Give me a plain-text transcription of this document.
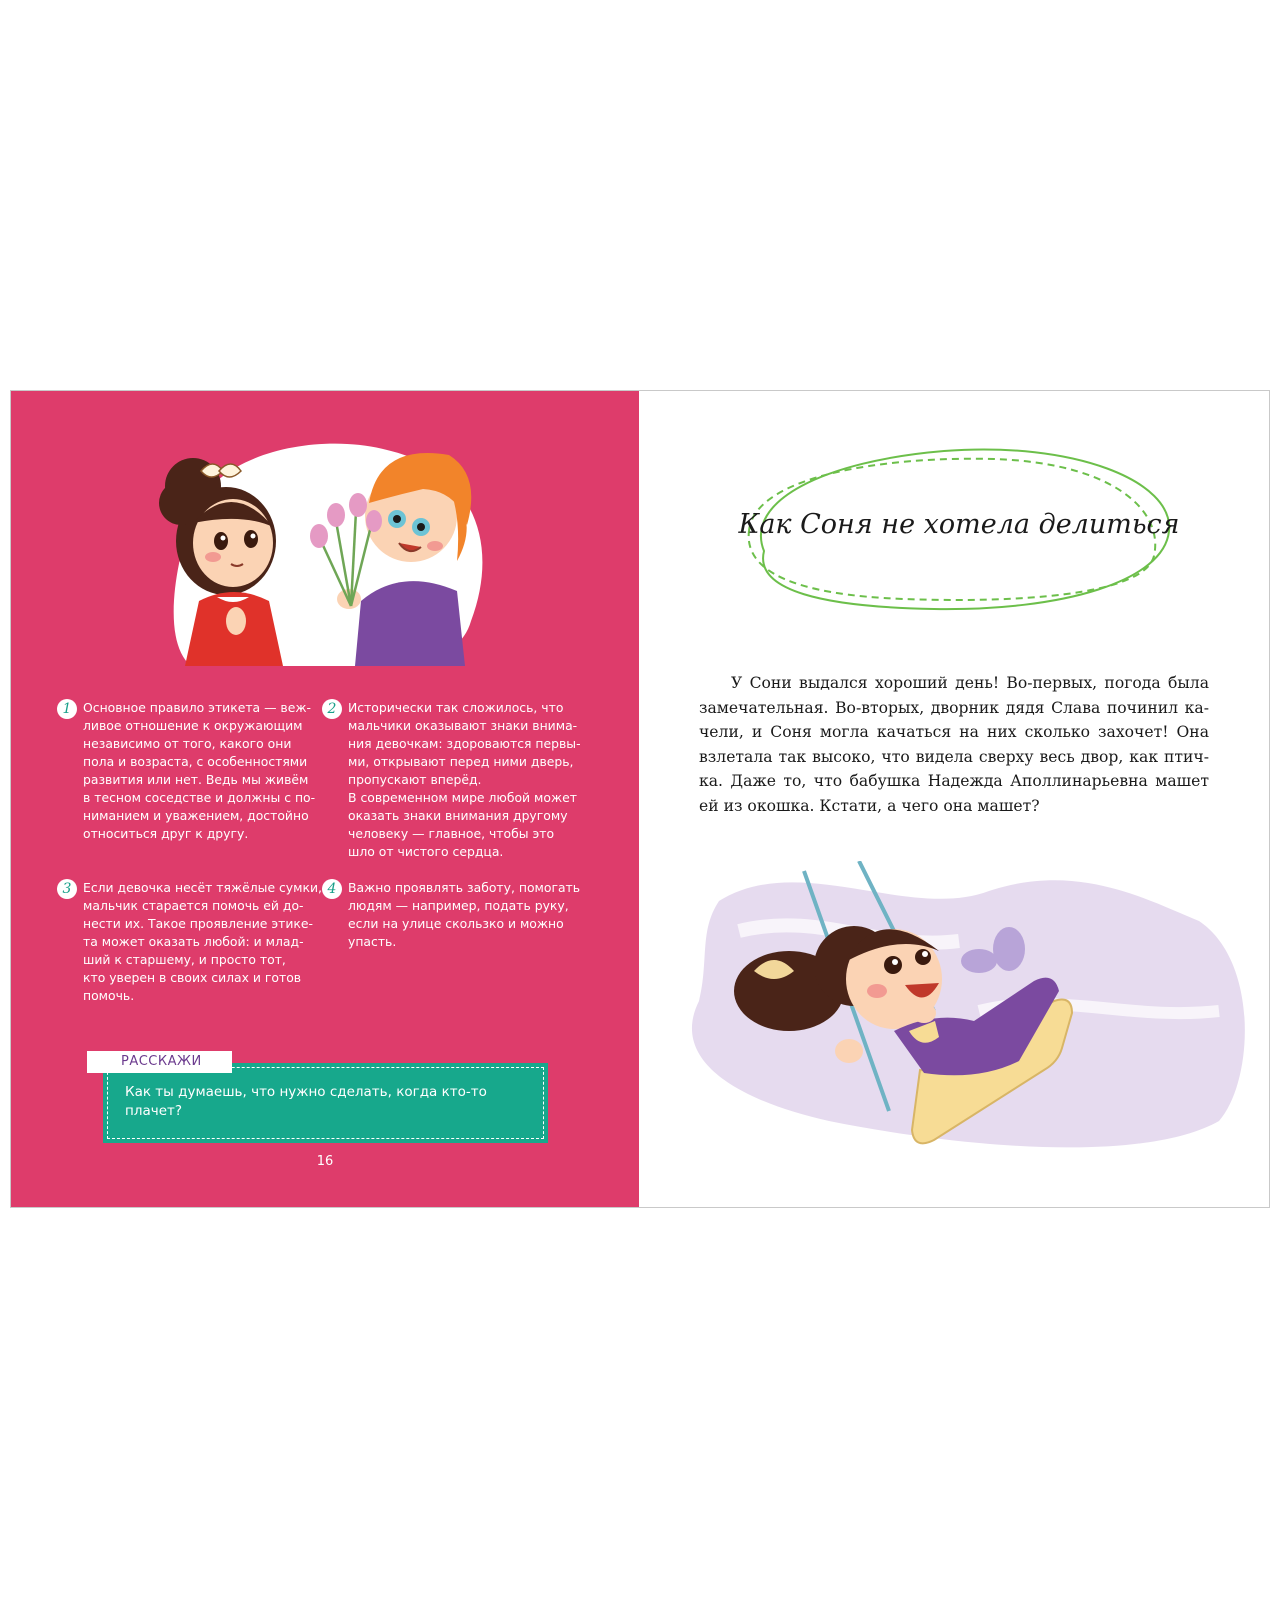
1 Основное правило этикета — веж-
ливое отношение к окружающим
независимо от того, какого они
пола и возраста, с особенностями
развития или нет. Ведь мы живём
в тесном соседстве и должны с по-
ниманием и уважением, достойно
относиться друг к другу.

2 Исторически так сложилось, что
мальчики оказывают знаки внима-
ния девочкам: здороваются первы-
ми, открывают перед ними дверь,
пропускают вперёд.
В современном мире любой может
оказать знаки внимания другому
человеку — главное, чтобы это
шло от чистого сердца.

3 Если девочка несёт тяжёлые сумки,
мальчик старается помочь ей до-
нести их. Такое проявление этике-
та может оказать любой: и млад-
ший к старшему, и просто тот,
кто уверен в своих силах и готов
помочь.

4 Важно проявлять заботу, помогать
людям — например, подать руку,
если на улице скользко и можно
упасть.

Как ты думаешь, что нужно сделать, когда кто-то плачет?
РАССКАЖИ
16
Как Соня не хотела делиться
У Сони выдался хороший день! Во-первых, погода была
замечательная. Во-вторых, дворник дядя Слава починил ка-
чели, и Соня могла качаться на них сколько захочет! Она
взлетала так высоко, что видела сверху весь двор, как птич-
ка. Даже то, что бабушка Надежда Аполлинарьевна машет
ей из окошка. Кстати, а чего она машет?
